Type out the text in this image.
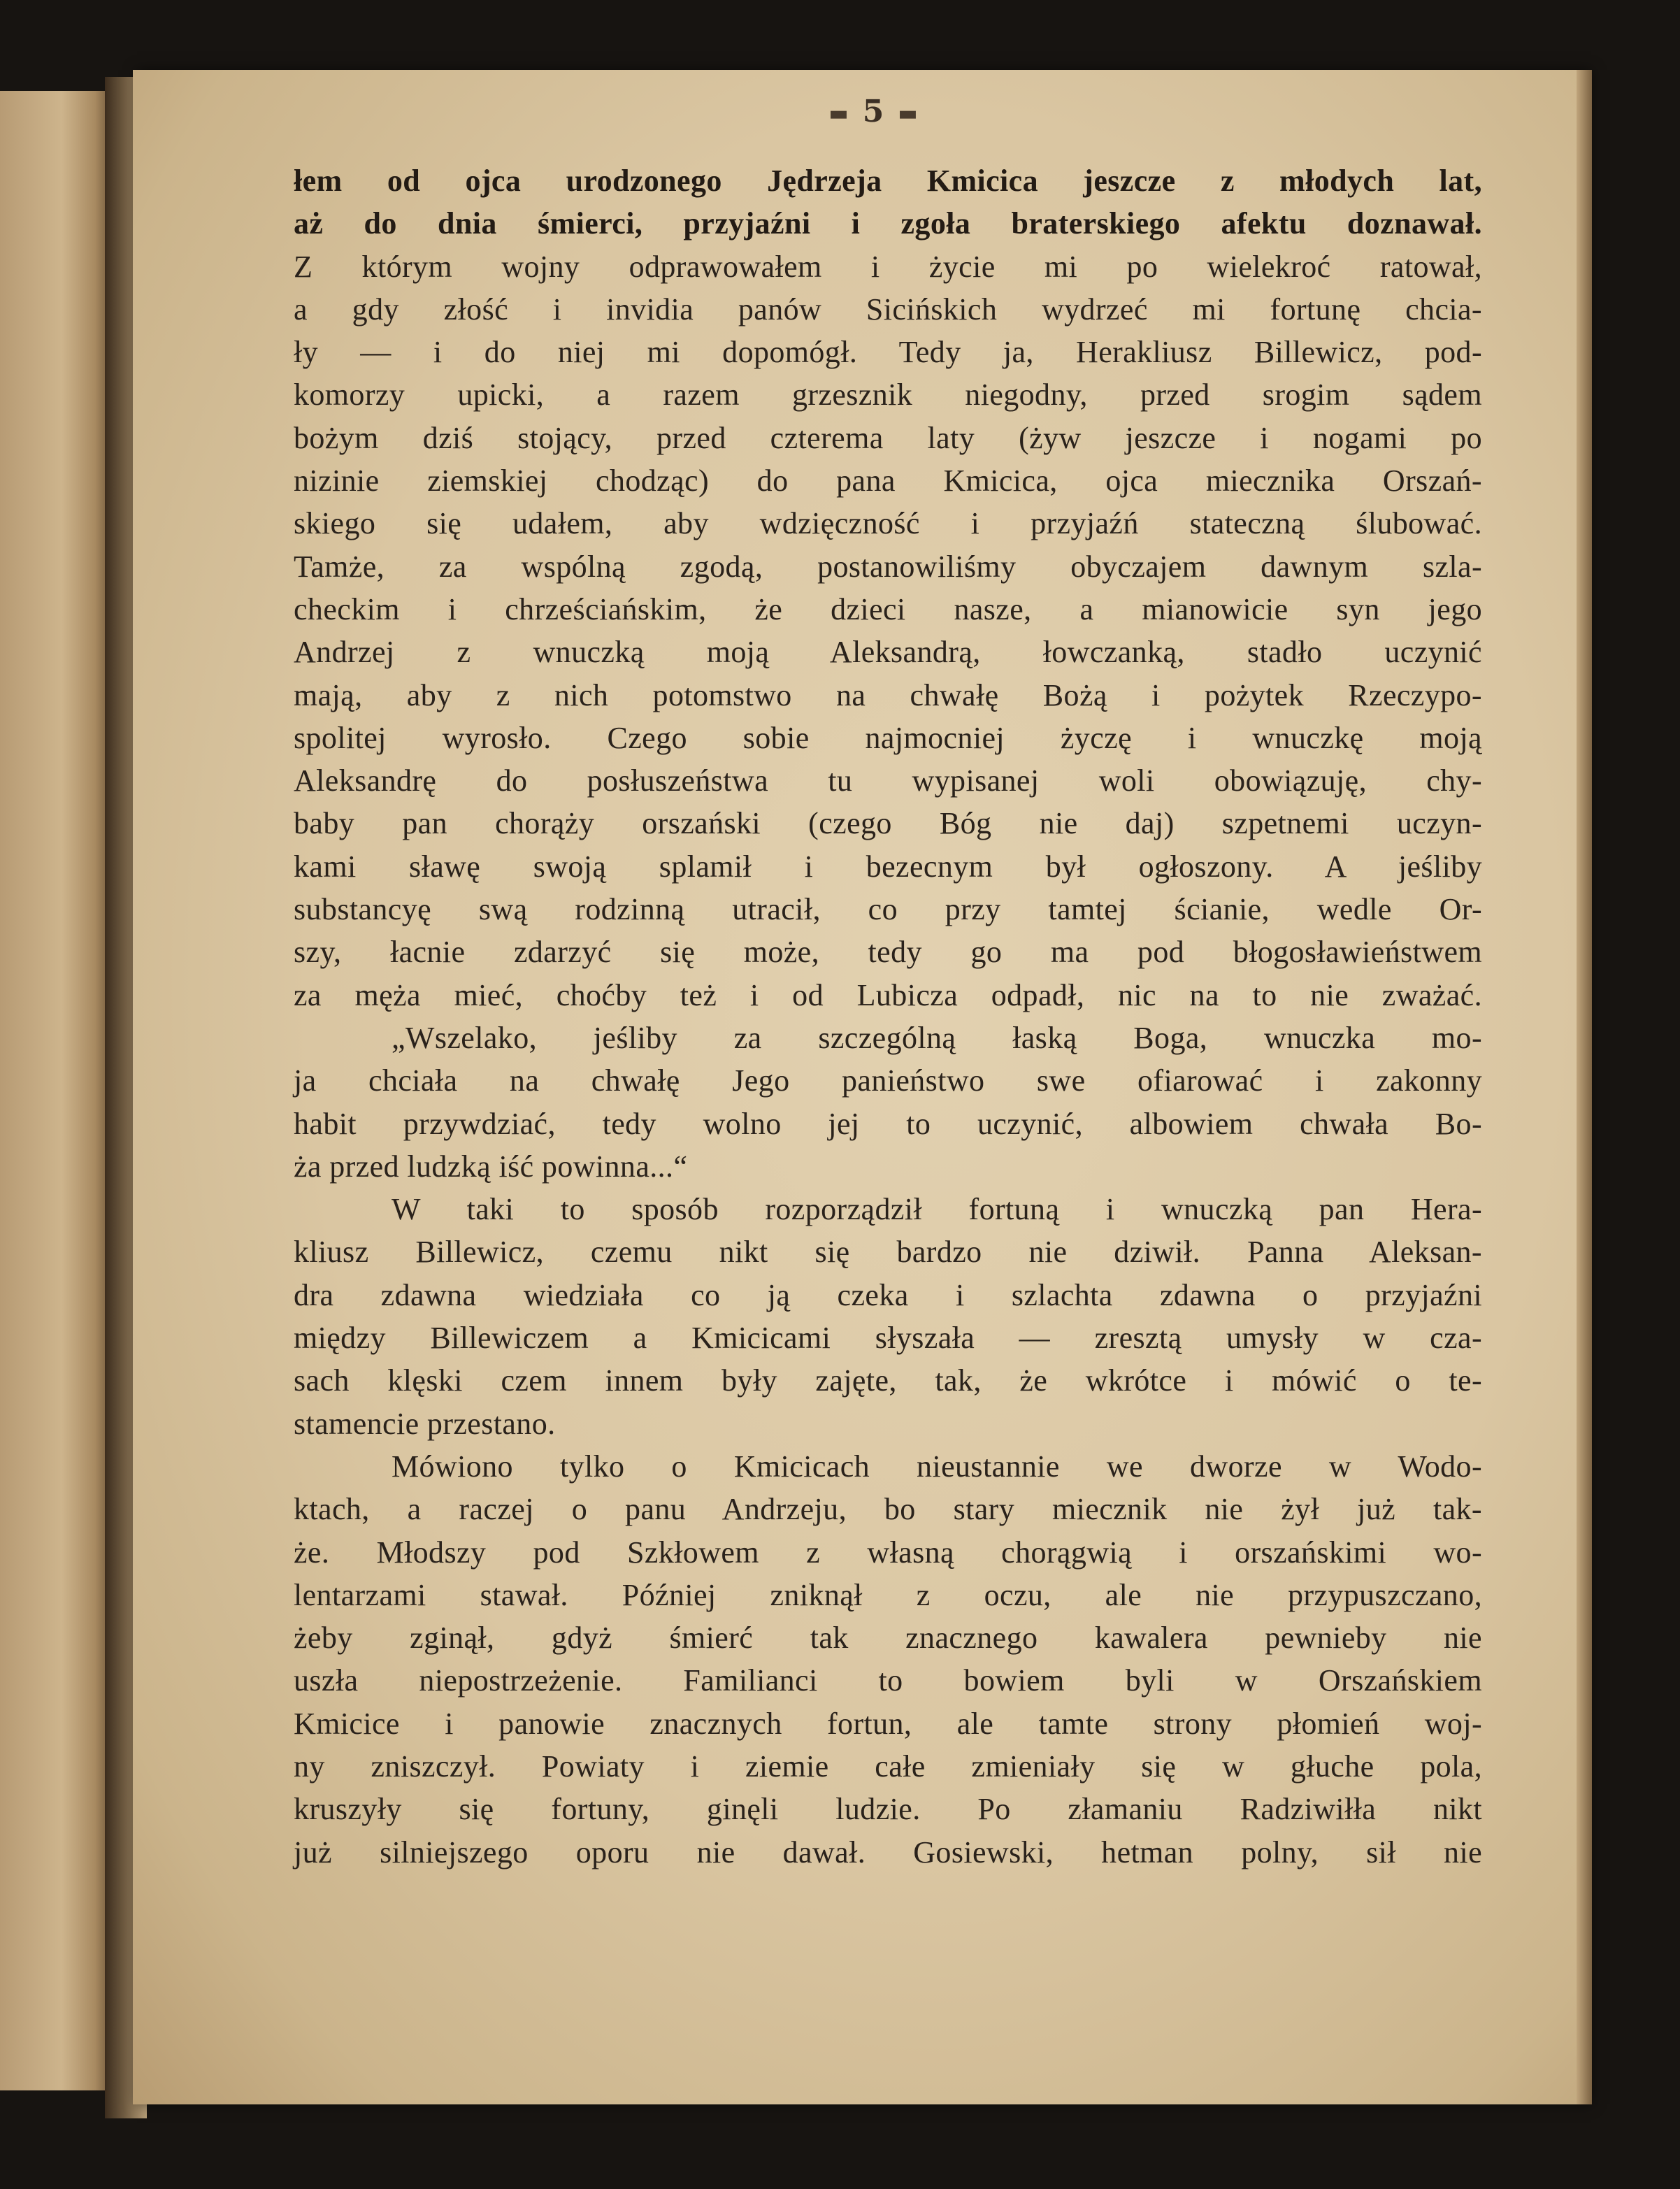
▬ 5 ▬
łem od ojca urodzonego Jędrzeja Kmicica jeszcze z młodych lat,
aż do dnia śmierci, przyjaźni i zgoła braterskiego afektu doznawał.
Z którym wojny odprawowałem i życie mi po wielekroć ratował,
a gdy złość i invidia panów Sicińskich wydrzeć mi fortunę chcia-
ły — i do niej mi dopomógł. Tedy ja, Herakliusz Billewicz, pod-
komorzy upicki, a razem grzesznik niegodny, przed srogim sądem
bożym dziś stojący, przed czterema laty (żyw jeszcze i nogami po
nizinie ziemskiej chodząc) do pana Kmicica, ojca miecznika Orszań-
skiego się udałem, aby wdzięczność i przyjaźń stateczną ślubować.
Tamże, za wspólną zgodą, postanowiliśmy obyczajem dawnym szla-
checkim i chrześciańskim, że dzieci nasze, a mianowicie syn jego
Andrzej z wnuczką moją Aleksandrą, łowczanką, stadło uczynić
mają, aby z nich potomstwo na chwałę Bożą i pożytek Rzeczypo-
spolitej wyrosło. Czego sobie najmocniej życzę i wnuczkę moją
Aleksandrę do posłuszeństwa tu wypisanej woli obowiązuję, chy-
baby pan chorąży orszański (czego Bóg nie daj) szpetnemi uczyn-
kami sławę swoją splamił i bezecnym był ogłoszony. A jeśliby
substancyę swą rodzinną utracił, co przy tamtej ścianie, wedle Or-
szy, łacnie zdarzyć się może, tedy go ma pod błogosławieństwem
za męża mieć, choćby też i od Lubicza odpadł, nic na to nie zważać.
„Wszelako, jeśliby za szczególną łaską Boga, wnuczka mo-
ja chciała na chwałę Jego panieństwo swe ofiarować i zakonny
habit przywdziać, tedy wolno jej to uczynić, albowiem chwała Bo-
ża przed ludzką iść powinna...“
W taki to sposób rozporządził fortuną i wnuczką pan Hera-
kliusz Billewicz, czemu nikt się bardzo nie dziwił. Panna Aleksan-
dra zdawna wiedziała co ją czeka i szlachta zdawna o przyjaźni
między Billewiczem a Kmicicami słyszała — zresztą umysły w cza-
sach klęski czem innem były zajęte, tak, że wkrótce i mówić o te-
stamencie przestano.
Mówiono tylko o Kmicicach nieustannie we dworze w Wodo-
ktach, a raczej o panu Andrzeju, bo stary miecznik nie żył już tak-
że. Młodszy pod Szkłowem z własną chorągwią i orszańskimi wo-
lentarzami stawał. Później zniknął z oczu, ale nie przypuszczano,
żeby zginął, gdyż śmierć tak znacznego kawalera pewnieby nie
uszła niepostrzeżenie. Familianci to bowiem byli w Orszańskiem
Kmicice i panowie znacznych fortun, ale tamte strony płomień woj-
ny zniszczył. Powiaty i ziemie całe zmieniały się w głuche pola,
kruszyły się fortuny, ginęli ludzie. Po złamaniu Radziwiłła nikt
już silniejszego oporu nie dawał. Gosiewski, hetman polny, sił nie
